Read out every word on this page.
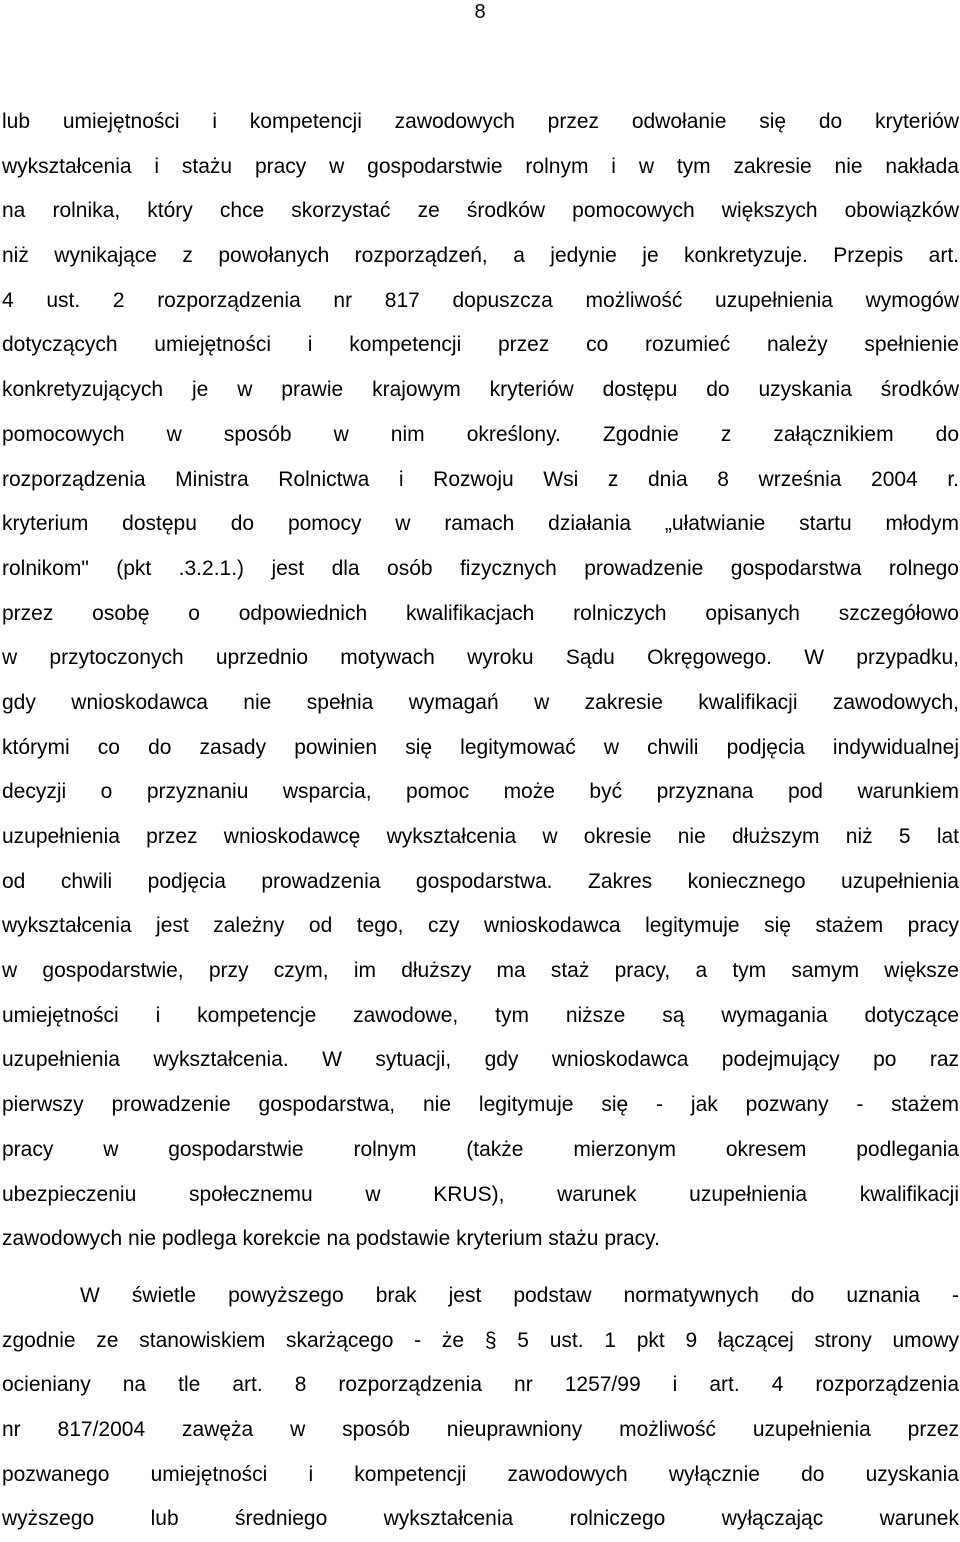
8
lub umiejętności i kompetencji zawodowych przez odwołanie się do kryteriów
wykształcenia i stażu pracy w gospodarstwie rolnym i w tym zakresie nie nakłada
na rolnika, który chce skorzystać ze środków pomocowych większych obowiązków
niż wynikające z powołanych rozporządzeń, a jedynie je konkretyzuje. Przepis art.
4 ust. 2 rozporządzenia nr 817 dopuszcza możliwość uzupełnienia wymogów
dotyczących umiejętności i kompetencji przez co rozumieć należy spełnienie
konkretyzujących je w prawie krajowym kryteriów dostępu do uzyskania środków
pomocowych w sposób w nim określony. Zgodnie z załącznikiem do
rozporządzenia Ministra Rolnictwa i Rozwoju Wsi z dnia 8 września 2004 r.
kryterium dostępu do pomocy w ramach działania „ułatwianie startu młodym
rolnikom" (pkt .3.2.1.) jest dla osób fizycznych prowadzenie gospodarstwa rolnego
przez osobę o odpowiednich kwalifikacjach rolniczych opisanych szczegółowo
w przytoczonych uprzednio motywach wyroku Sądu Okręgowego. W przypadku,
gdy wnioskodawca nie spełnia wymagań w zakresie kwalifikacji zawodowych,
którymi co do zasady powinien się legitymować w chwili podjęcia indywidualnej
decyzji o przyznaniu wsparcia, pomoc może być przyznana pod warunkiem
uzupełnienia przez wnioskodawcę wykształcenia w okresie nie dłuższym niż 5 lat
od chwili podjęcia prowadzenia gospodarstwa. Zakres koniecznego uzupełnienia
wykształcenia jest zależny od tego, czy wnioskodawca legitymuje się stażem pracy
w gospodarstwie, przy czym, im dłuższy ma staż pracy, a tym samym większe
umiejętności i kompetencje zawodowe, tym niższe są wymagania dotyczące
uzupełnienia wykształcenia. W sytuacji, gdy wnioskodawca podejmujący po raz
pierwszy prowadzenie gospodarstwa, nie legitymuje się - jak pozwany - stażem
pracy w gospodarstwie rolnym (także mierzonym okresem podlegania
ubezpieczeniu społecznemu w KRUS), warunek uzupełnienia kwalifikacji
zawodowych nie podlega korekcie na podstawie kryterium stażu pracy.
W świetle powyższego brak jest podstaw normatywnych do uznania -
zgodnie ze stanowiskiem skarżącego - że § 5 ust. 1 pkt 9 łączącej strony umowy
ocieniany na tle art. 8 rozporządzenia nr 1257/99 i art. 4 rozporządzenia
nr 817/2004 zawęża w sposób nieuprawniony możliwość uzupełnienia przez
pozwanego umiejętności i kompetencji zawodowych wyłącznie do uzyskania
wyższego lub średniego wykształcenia rolniczego wyłączając warunek
